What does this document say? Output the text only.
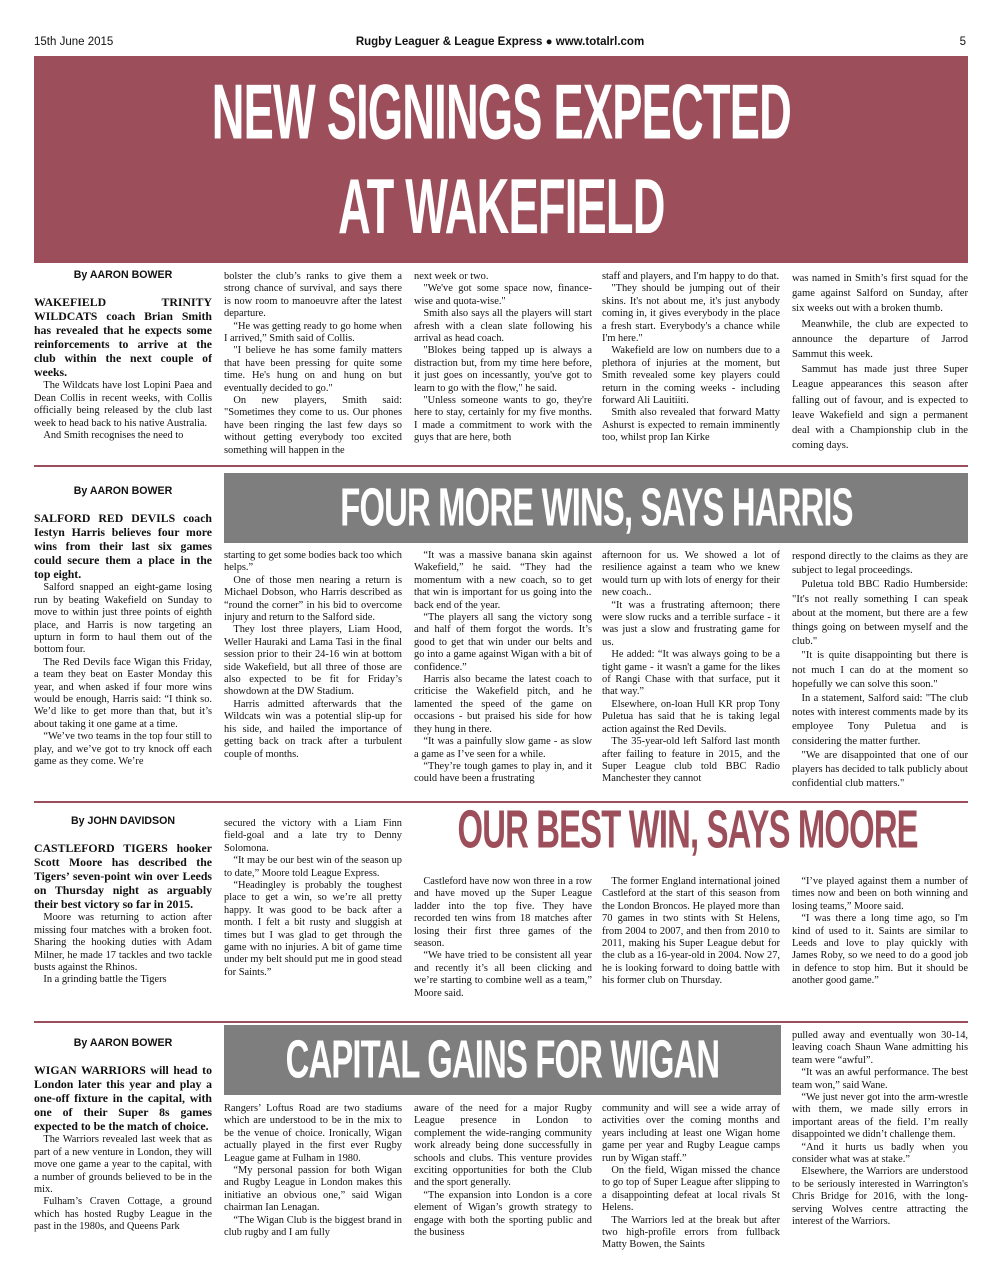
15th June 2015	Rugby Leaguer & League Express ● www.totalrl.com	5
NEW SIGNINGS EXPECTED
AT WAKEFIELD

By AARON BOWER

WAKEFIELD TRINITY WILDCATS coach Brian Smith has revealed that he expects some reinforcements to arrive at the club within the next couple of weeks.

The Wildcats have lost Lopini Paea and Dean Collis in recent weeks, with Collis officially being released by the club last week to head back to his native Australia.

And Smith recognises the need to

bolster the club’s ranks to give them a strong chance of survival, and says there is now room to manoeuvre after the latest departure.

“He was getting ready to go home when I arrived,” Smith said of Collis.

"I believe he has some family matters that have been pressing for quite some time. He's hung on and hung on but eventually decided to go."

On new players, Smith said: "Sometimes they come to us. Our phones have been ringing the last few days so without getting everybody too excited something will happen in the

next week or two.

"We've got some space now, finance-wise and quota-wise."

Smith also says all the players will start afresh with a clean slate following his arrival as head coach.

"Blokes being tapped up is always a distraction but, from my time here before, it just goes on incessantly, you've got to learn to go with the flow," he said.

"Unless someone wants to go, they're here to stay, certainly for my five months. I made a commitment to work with the guys that are here, both

staff and players, and I'm happy to do that.

"They should be jumping out of their skins. It's not about me, it's just anybody coming in, it gives everybody in the place a fresh start. Everybody's a chance while I'm here."

Wakefield are low on numbers due to a plethora of injuries at the moment, but Smith revealed some key players could return in the coming weeks - including forward Ali Lauitiiti.

Smith also revealed that forward Matty Ashurst is expected to remain imminently too, whilst prop Ian Kirke

was named in Smith’s first squad for the game against Salford on Sunday, after six weeks out with a broken thumb.

Meanwhile, the club are expected to announce the departure of Jarrod Sammut this week.

Sammut has made just three Super League appearances this season after falling out of favour, and is expected to leave Wakefield and sign a permanent deal with a Championship club in the coming days.

FOUR MORE WINS, SAYS HARRIS

By AARON BOWER

SALFORD RED DEVILS coach Iestyn Harris believes four more wins from their last six games could secure them a place in the top eight.

Salford snapped an eight-game losing run by beating Wakefield on Sunday to move to within just three points of eighth place, and Harris is now targeting an upturn in form to haul them out of the bottom four.

The Red Devils face Wigan this Friday, a team they beat on Easter Monday this year, and when asked if four more wins would be enough, Harris said: “I think so. We’d like to get more than that, but it’s about taking it one game at a time.

“We’ve two teams in the top four still to play, and we’ve got to try knock off each game as they come. We’re

starting to get some bodies back too which helps.”

One of those men nearing a return is Michael Dobson, who Harris described as “round the corner” in his bid to overcome injury and return to the Salford side.

They lost three players, Liam Hood, Weller Hauraki and Lama Tasi in the final session prior to their 24-16 win at bottom side Wakefield, but all three of those are also expected to be fit for Friday’s showdown at the DW Stadium.

Harris admitted afterwards that the Wildcats win was a potential slip-up for his side, and hailed the importance of getting back on track after a turbulent couple of months.

“It was a massive banana skin against Wakefield,” he said. “They had the momentum with a new coach, so to get that win is important for us going into the back end of the year.

“The players all sang the victory song and half of them forgot the words. It’s good to get that win under our belts and go into a game against Wigan with a bit of confidence.”

Harris also became the latest coach to criticise the Wakefield pitch, and he lamented the speed of the game on occasions - but praised his side for how they hung in there.

“It was a painfully slow game - as slow a game as I’ve seen for a while.

“They’re tough games to play in, and it could have been a frustrating

afternoon for us. We showed a lot of resilience against a team who we knew would turn up with lots of energy for their new coach..

“It was a frustrating afternoon; there were slow rucks and a terrible surface - it was just a slow and frustrating game for us.

He added: “It was always going to be a tight game - it wasn't a game for the likes of Rangi Chase with that surface, put it that way.”

Elsewhere, on-loan Hull KR prop Tony Puletua has said that he is taking legal action against the Red Devils.

The 35-year-old left Salford last month after failing to feature in 2015, and the Super League club told BBC Radio Manchester they cannot

respond directly to the claims as they are subject to legal proceedings.

Puletua told BBC Radio Humberside: "It's not really something I can speak about at the moment, but there are a few things going on between myself and the club."

"It is quite disappointing but there is not much I can do at the moment so hopefully we can solve this soon."

In a statement, Salford said: "The club notes with interest comments made by its employee Tony Puletua and is considering the matter further.

"We are disappointed that one of our players has decided to talk publicly about confidential club matters."

OUR BEST WIN, SAYS MOORE

By JOHN DAVIDSON

CASTLEFORD TIGERS hooker Scott Moore has described the Tigers’ seven-point win over Leeds on Thursday night as arguably their best victory so far in 2015.

Moore was returning to action after missing four matches with a broken foot. Sharing the hooking duties with Adam Milner, he made 17 tackles and two tackle busts against the Rhinos.

In a grinding battle the Tigers

secured the victory with a Liam Finn field-goal and a late try to Denny Solomona.

“It may be our best win of the season up to date,” Moore told League Express.

“Headingley is probably the toughest place to get a win, so we’re all pretty happy. It was good to be back after a month. I felt a bit rusty and sluggish at times but I was glad to get through the game with no injuries. A bit of game time under my belt should put me in good stead for Saints.”

Castleford have now won three in a row and have moved up the Super League ladder into the top five. They have recorded ten wins from 18 matches after losing their first three games of the season.

“We have tried to be consistent all year and recently it’s all been clicking and we’re starting to combine well as a team,” Moore said.

The former England international joined Castleford at the start of this season from the London Broncos. He played more than 70 games in two stints with St Helens, from 2004 to 2007, and then from 2010 to 2011, making his Super League debut for the club as a 16-year-old in 2004. Now 27, he is looking forward to doing battle with his former club on Thursday.

“I’ve played against them a number of times now and been on both winning and losing teams,” Moore said.

“I was there a long time ago, so I'm kind of used to it. Saints are similar to Leeds and love to play quickly with James Roby, so we need to do a good job in defence to stop him. But it should be another good game.”

CAPITAL GAINS FOR WIGAN

By AARON BOWER

WIGAN WARRIORS will head to London later this year and play a one-off fixture in the capital, with one of their Super 8s games expected to be the match of choice.

The Warriors revealed last week that as part of a new venture in London, they will move one game a year to the capital, with a number of grounds believed to be in the mix.

Fulham’s Craven Cottage, a ground which has hosted Rugby League in the past in the 1980s, and Queens Park

Rangers’ Loftus Road are two stadiums which are understood to be in the mix to be the venue of choice. Ironically, Wigan actually played in the first ever Rugby League game at Fulham in 1980.

“My personal passion for both Wigan and Rugby League in London makes this initiative an obvious one,” said Wigan chairman Ian Lenagan.

“The Wigan Club is the biggest brand in club rugby and I am fully

aware of the need for a major Rugby League presence in London to complement the wide-ranging community work already being done successfully in schools and clubs. This venture provides exciting opportunities for both the Club and the sport generally.

“The expansion into London is a core element of Wigan’s growth strategy to engage with both the sporting public and the business

community and will see a wide array of activities over the coming months and years including at least one Wigan home game per year and Rugby League camps run by Wigan staff.”

On the field, Wigan missed the chance to go top of Super League after slipping to a disappointing defeat at local rivals St Helens.

The Warriors led at the break but after two high-profile errors from fullback Matty Bowen, the Saints

pulled away and eventually won 30-14, leaving coach Shaun Wane admitting his team were “awful”.

“It was an awful performance. The best team won,” said Wane.

“We just never got into the arm-wrestle with them, we made silly errors in important areas of the field. I’m really disappointed we didn’t challenge them.

“And it hurts us badly when you consider what was at stake.”

Elsewhere, the Warriors are understood to be seriously interested in Warrington's Chris Bridge for 2016, with the long-serving Wolves centre attracting the interest of the Warriors.
